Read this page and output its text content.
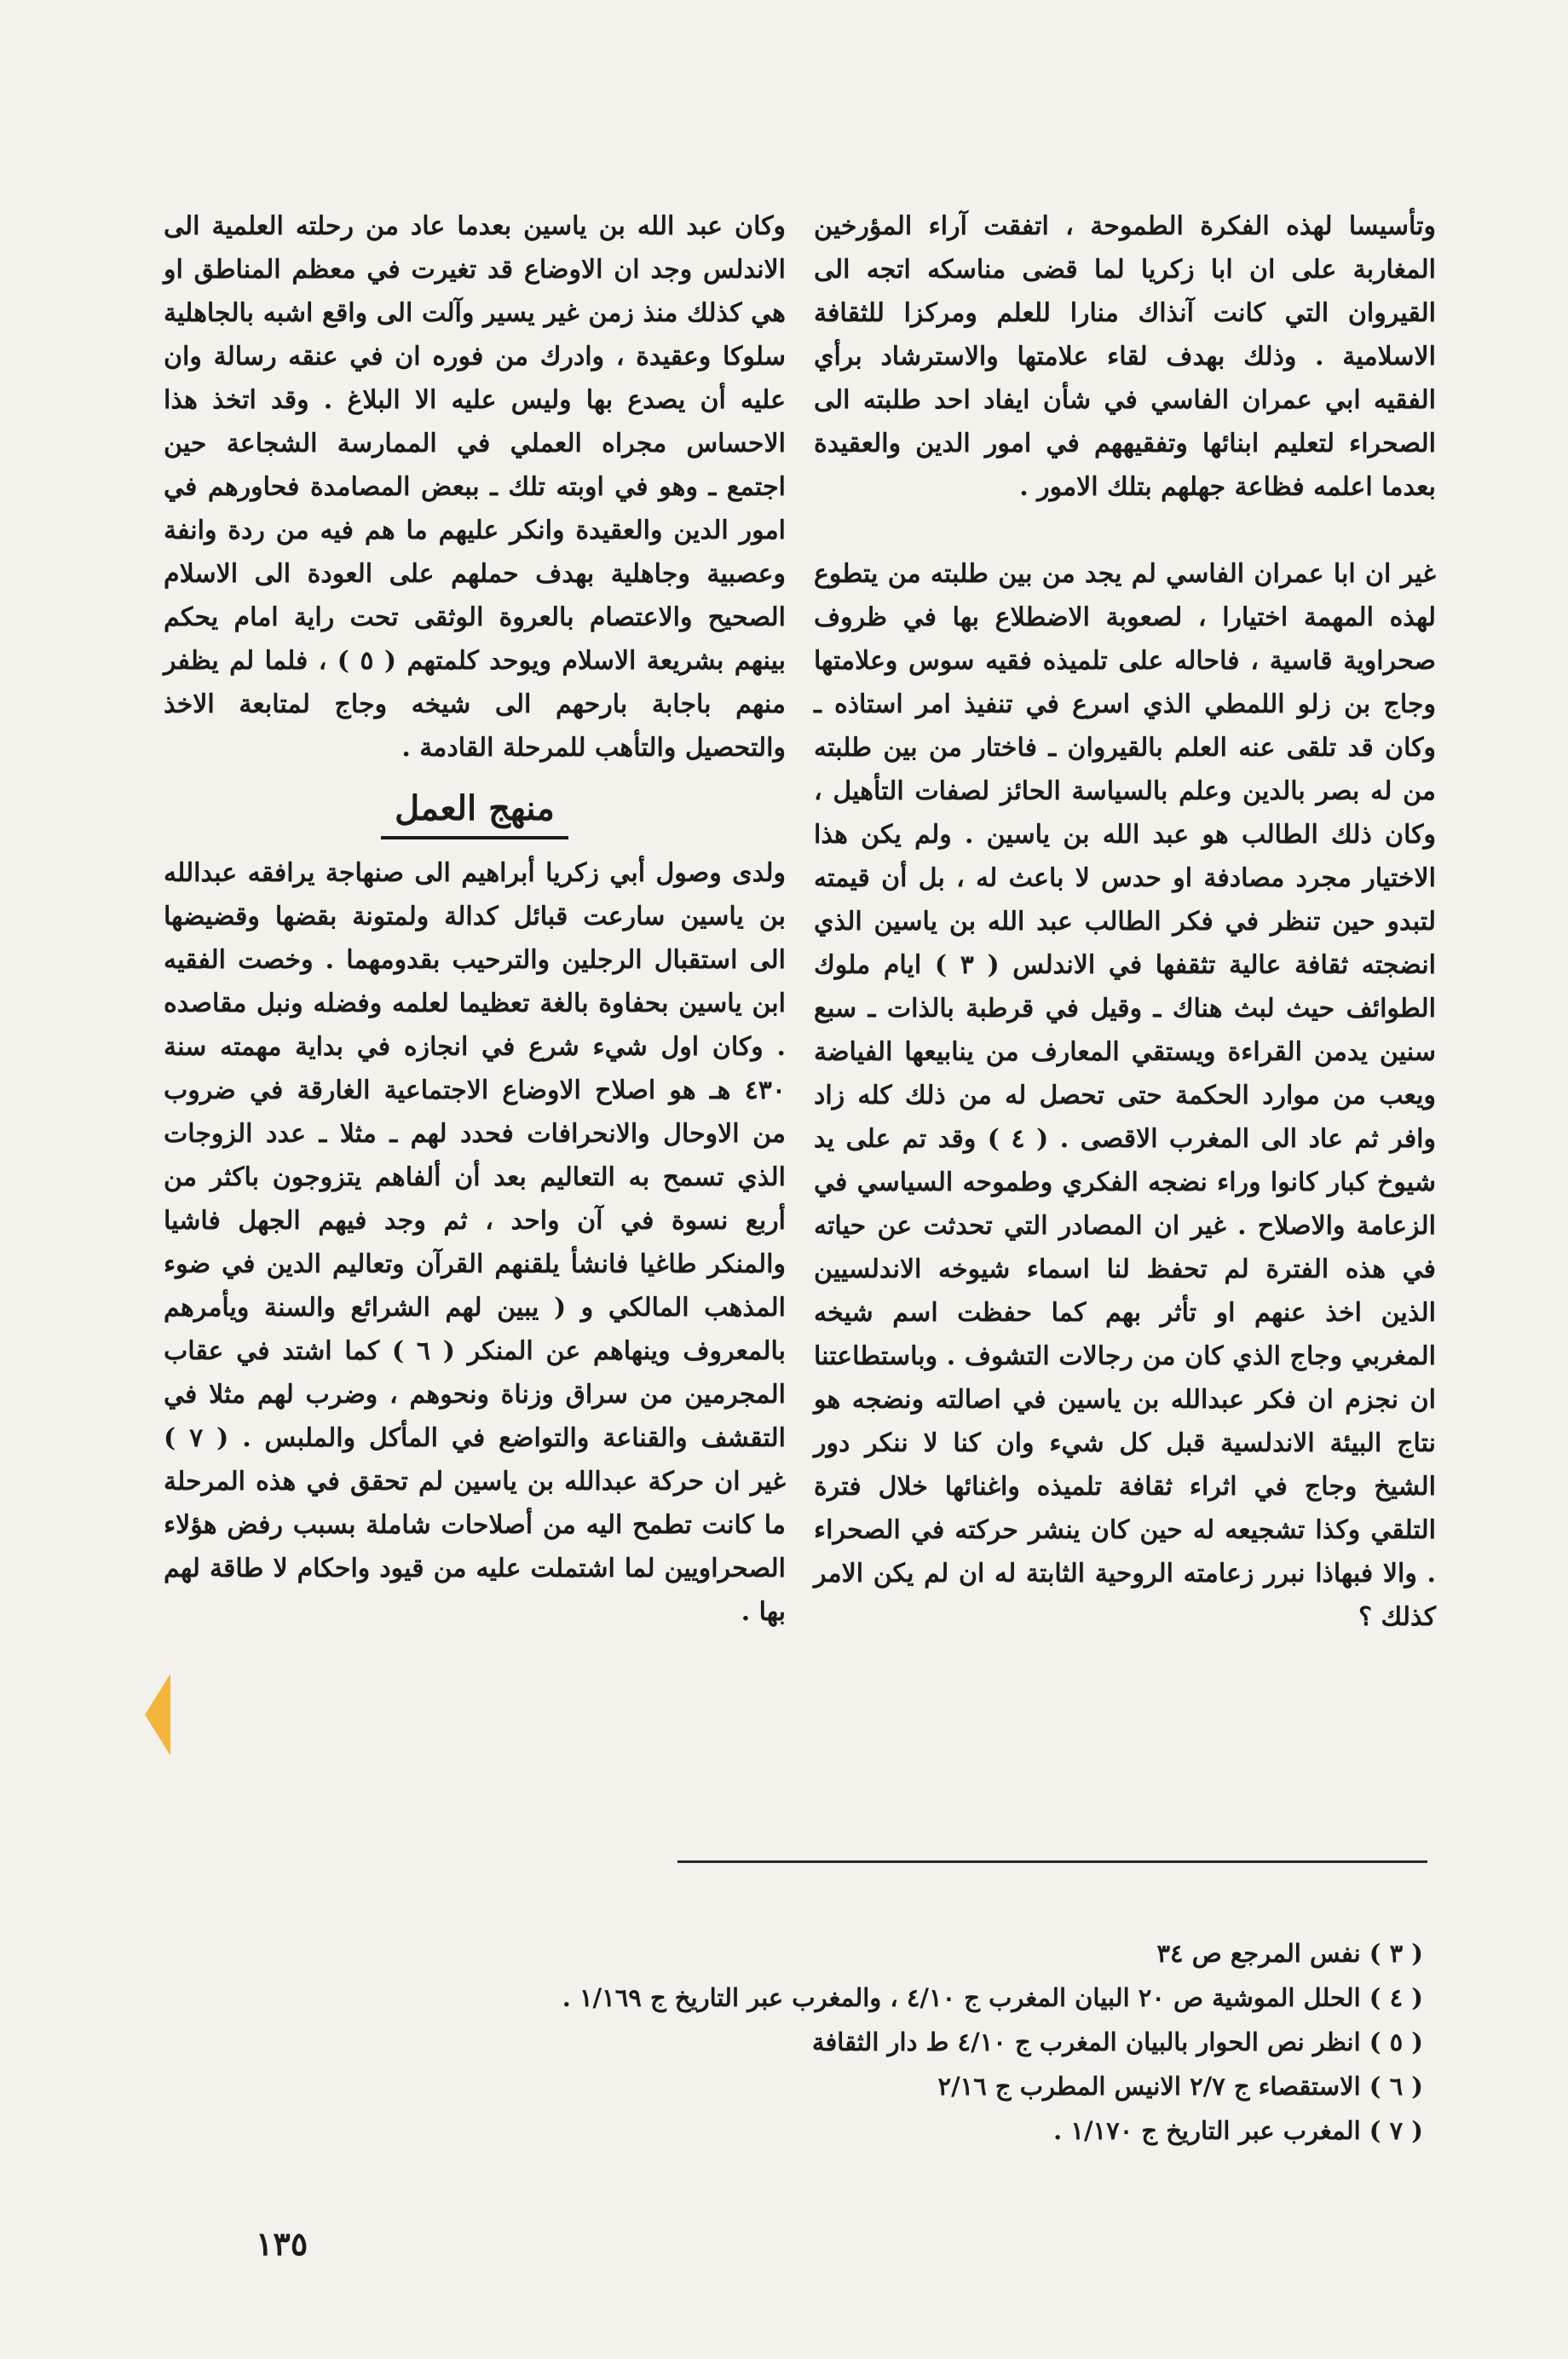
وتأسيسا لهذه الفكرة الطموحة ، اتفقت آراء المؤرخين المغاربة على ان ابا زكريا لما قضى مناسكه اتجه الى القيروان التي كانت آنذاك منارا للعلم ومركزا للثقافة الاسلامية . وذلك بهدف لقاء علامتها والاسترشاد برأي الفقيه ابي عمران الفاسي في شأن ايفاد احد طلبته الى الصحراء لتعليم ابنائها وتفقيههم في امور الدين والعقيدة بعدما اعلمه فظاعة جهلهم بتلك الامور .

غير ان ابا عمران الفاسي لم يجد من بين طلبته من يتطوع لهذه المهمة اختيارا ، لصعوبة الاضطلاع بها في ظروف صحراوية قاسية ، فاحاله على تلميذه فقيه سوس وعلامتها وجاج بن زلو اللمطي الذي اسرع في تنفيذ امر استاذه ـ وكان قد تلقى عنه العلم بالقيروان ـ فاختار من بين طلبته من له بصر بالدين وعلم بالسياسة الحائز لصفات التأهيل ، وكان ذلك الطالب هو عبد الله بن ياسين . ولم يكن هذا الاختيار مجرد مصادفة او حدس لا باعث له ، بل أن قيمته لتبدو حين تنظر في فكر الطالب عبد الله بن ياسين الذي انضجته ثقافة عالية تثقفها في الاندلس ( ٣ ) ايام ملوك الطوائف حيث لبث هناك ـ وقيل في قرطبة بالذات ـ سبع سنين يدمن القراءة ويستقي المعارف من ينابيعها الفياضة ويعب من موارد الحكمة حتى تحصل له من ذلك كله زاد وافر ثم عاد الى المغرب الاقصى . ( ٤ ) وقد تم على يد شيوخ كبار كانوا وراء نضجه الفكري وطموحه السياسي في الزعامة والاصلاح . غير ان المصادر التي تحدثت عن حياته في هذه الفترة لم تحفظ لنا اسماء شيوخه الاندلسيين الذين اخذ عنهم او تأثر بهم كما حفظت اسم شيخه المغربي وجاج الذي كان من رجالات التشوف . وباستطاعتنا ان نجزم ان فكر عبدالله بن ياسين في اصالته ونضجه هو نتاج البيئة الاندلسية قبل كل شيء وان كنا لا ننكر دور الشيخ وجاج في اثراء ثقافة تلميذه واغنائها خلال فترة التلقي وكذا تشجيعه له حين كان ينشر حركته في الصحراء . والا فبهاذا نبرر زعامته الروحية الثابتة له ان لم يكن الامر كذلك ؟

وكان عبد الله بن ياسين بعدما عاد من رحلته العلمية الى الاندلس وجد ان الاوضاع قد تغيرت في معظم المناطق او هي كذلك منذ زمن غير يسير وآلت الى واقع اشبه بالجاهلية سلوكا وعقيدة ، وادرك من فوره ان في عنقه رسالة وان عليه أن يصدع بها وليس عليه الا البلاغ . وقد اتخذ هذا الاحساس مجراه العملي في الممارسة الشجاعة حين اجتمع ـ وهو في اوبته تلك ـ ببعض المصامدة فحاورهم في امور الدين والعقيدة وانكر عليهم ما هم فيه من ردة وانفة وعصبية وجاهلية بهدف حملهم على العودة الى الاسلام الصحيح والاعتصام بالعروة الوثقى تحت راية امام يحكم بينهم بشريعة الاسلام ويوحد كلمتهم ( ٥ ) ، فلما لم يظفر منهم باجابة بارحهم الى شيخه وجاج لمتابعة الاخذ والتحصيل والتأهب للمرحلة القادمة .

منهج العمل

ولدى وصول أبي زكريا أبراهيم الى صنهاجة يرافقه عبدالله بن ياسين سارعت قبائل كدالة ولمتونة بقضها وقضيضها الى استقبال الرجلين والترحيب بقدومهما . وخصت الفقيه ابن ياسين بحفاوة بالغة تعظيما لعلمه وفضله ونبل مقاصده . وكان اول شيء شرع في انجازه في بداية مهمته سنة ٤٣٠ هـ هو اصلاح الاوضاع الاجتماعية الغارقة في ضروب من الاوحال والانحرافات فحدد لهم ـ مثلا ـ عدد الزوجات الذي تسمح به التعاليم بعد أن ألفاهم يتزوجون باكثر من أربع نسوة في آن واحد ، ثم وجد فيهم الجهل فاشيا والمنكر طاغيا فانشأ يلقنهم القرآن وتعاليم الدين في ضوء المذهب المالكي و ( يبين لهم الشرائع والسنة ويأمرهم بالمعروف وينهاهم عن المنكر ( ٦ ) كما اشتد في عقاب المجرمين من سراق وزناة ونحوهم ، وضرب لهم مثلا في التقشف والقناعة والتواضع في المأكل والملبس . ( ٧ ) غير ان حركة عبدالله بن ياسين لم تحقق في هذه المرحلة ما كانت تطمح اليه من أصلاحات شاملة بسبب رفض هؤلاء الصحراويين لما اشتملت عليه من قيود واحكام لا طاقة لهم بها .

( ٣ ) نفس المرجع ص ٣٤
( ٤ ) الحلل الموشية ص ٢٠ البيان المغرب ج ٤/١٠ ، والمغرب عبر التاريخ ج ١/١٦٩ .
( ٥ ) انظر نص الحوار بالبيان المغرب ج ٤/١٠ ط دار الثقافة
( ٦ ) الاستقصاء ج ٢/٧ الانيس المطرب ج ٢/١٦
( ٧ ) المغرب عبر التاريخ ج ١/١٧٠ .
١٣٥
